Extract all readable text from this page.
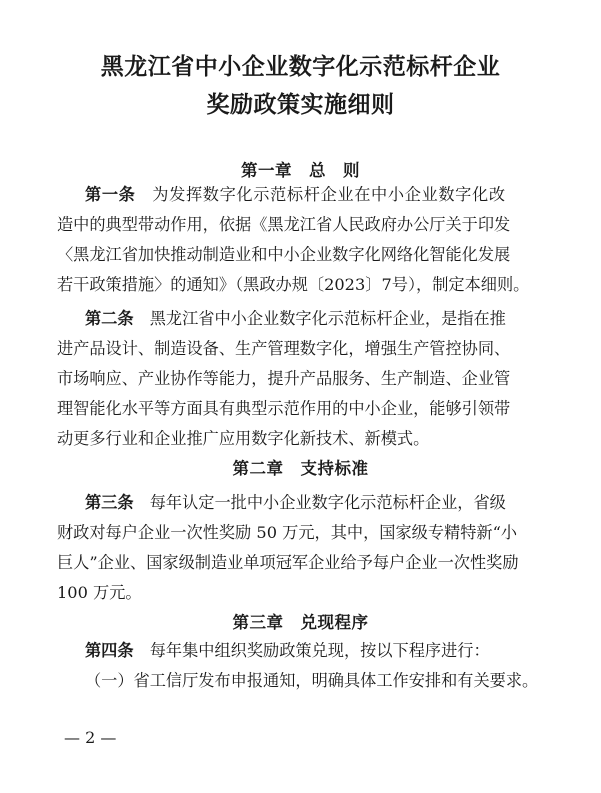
黑龙江省中小企业数字化示范标杆企业
奖励政策实施细则
第一章　总　则
第一条　为发挥数字化示范标杆企业在中小企业数字化改
造中的典型带动作用，依据《黑龙江省人民政府办公厅关于印发
〈黑龙江省加快推动制造业和中小企业数字化网络化智能化发展
若干政策措施〉的通知》（黑政办规〔2023〕7号），制定本细则。
第二条　黑龙江省中小企业数字化示范标杆企业，是指在推
进产品设计、制造设备、生产管理数字化，增强生产管控协同、
市场响应、产业协作等能力，提升产品服务、生产制造、企业管
理智能化水平等方面具有典型示范作用的中小企业，能够引领带
动更多行业和企业推广应用数字化新技术、新模式。
第二章　支持标准
第三条　每年认定一批中小企业数字化示范标杆企业，省级
财政对每户企业一次性奖励 50 万元，其中，国家级专精特新“小
巨人”企业、国家级制造业单项冠军企业给予每户企业一次性奖励
100 万元。
第三章　兑现程序
第四条　每年集中组织奖励政策兑现，按以下程序进行：
（一）省工信厅发布申报通知，明确具体工作安排和有关要求。
— 2 —
